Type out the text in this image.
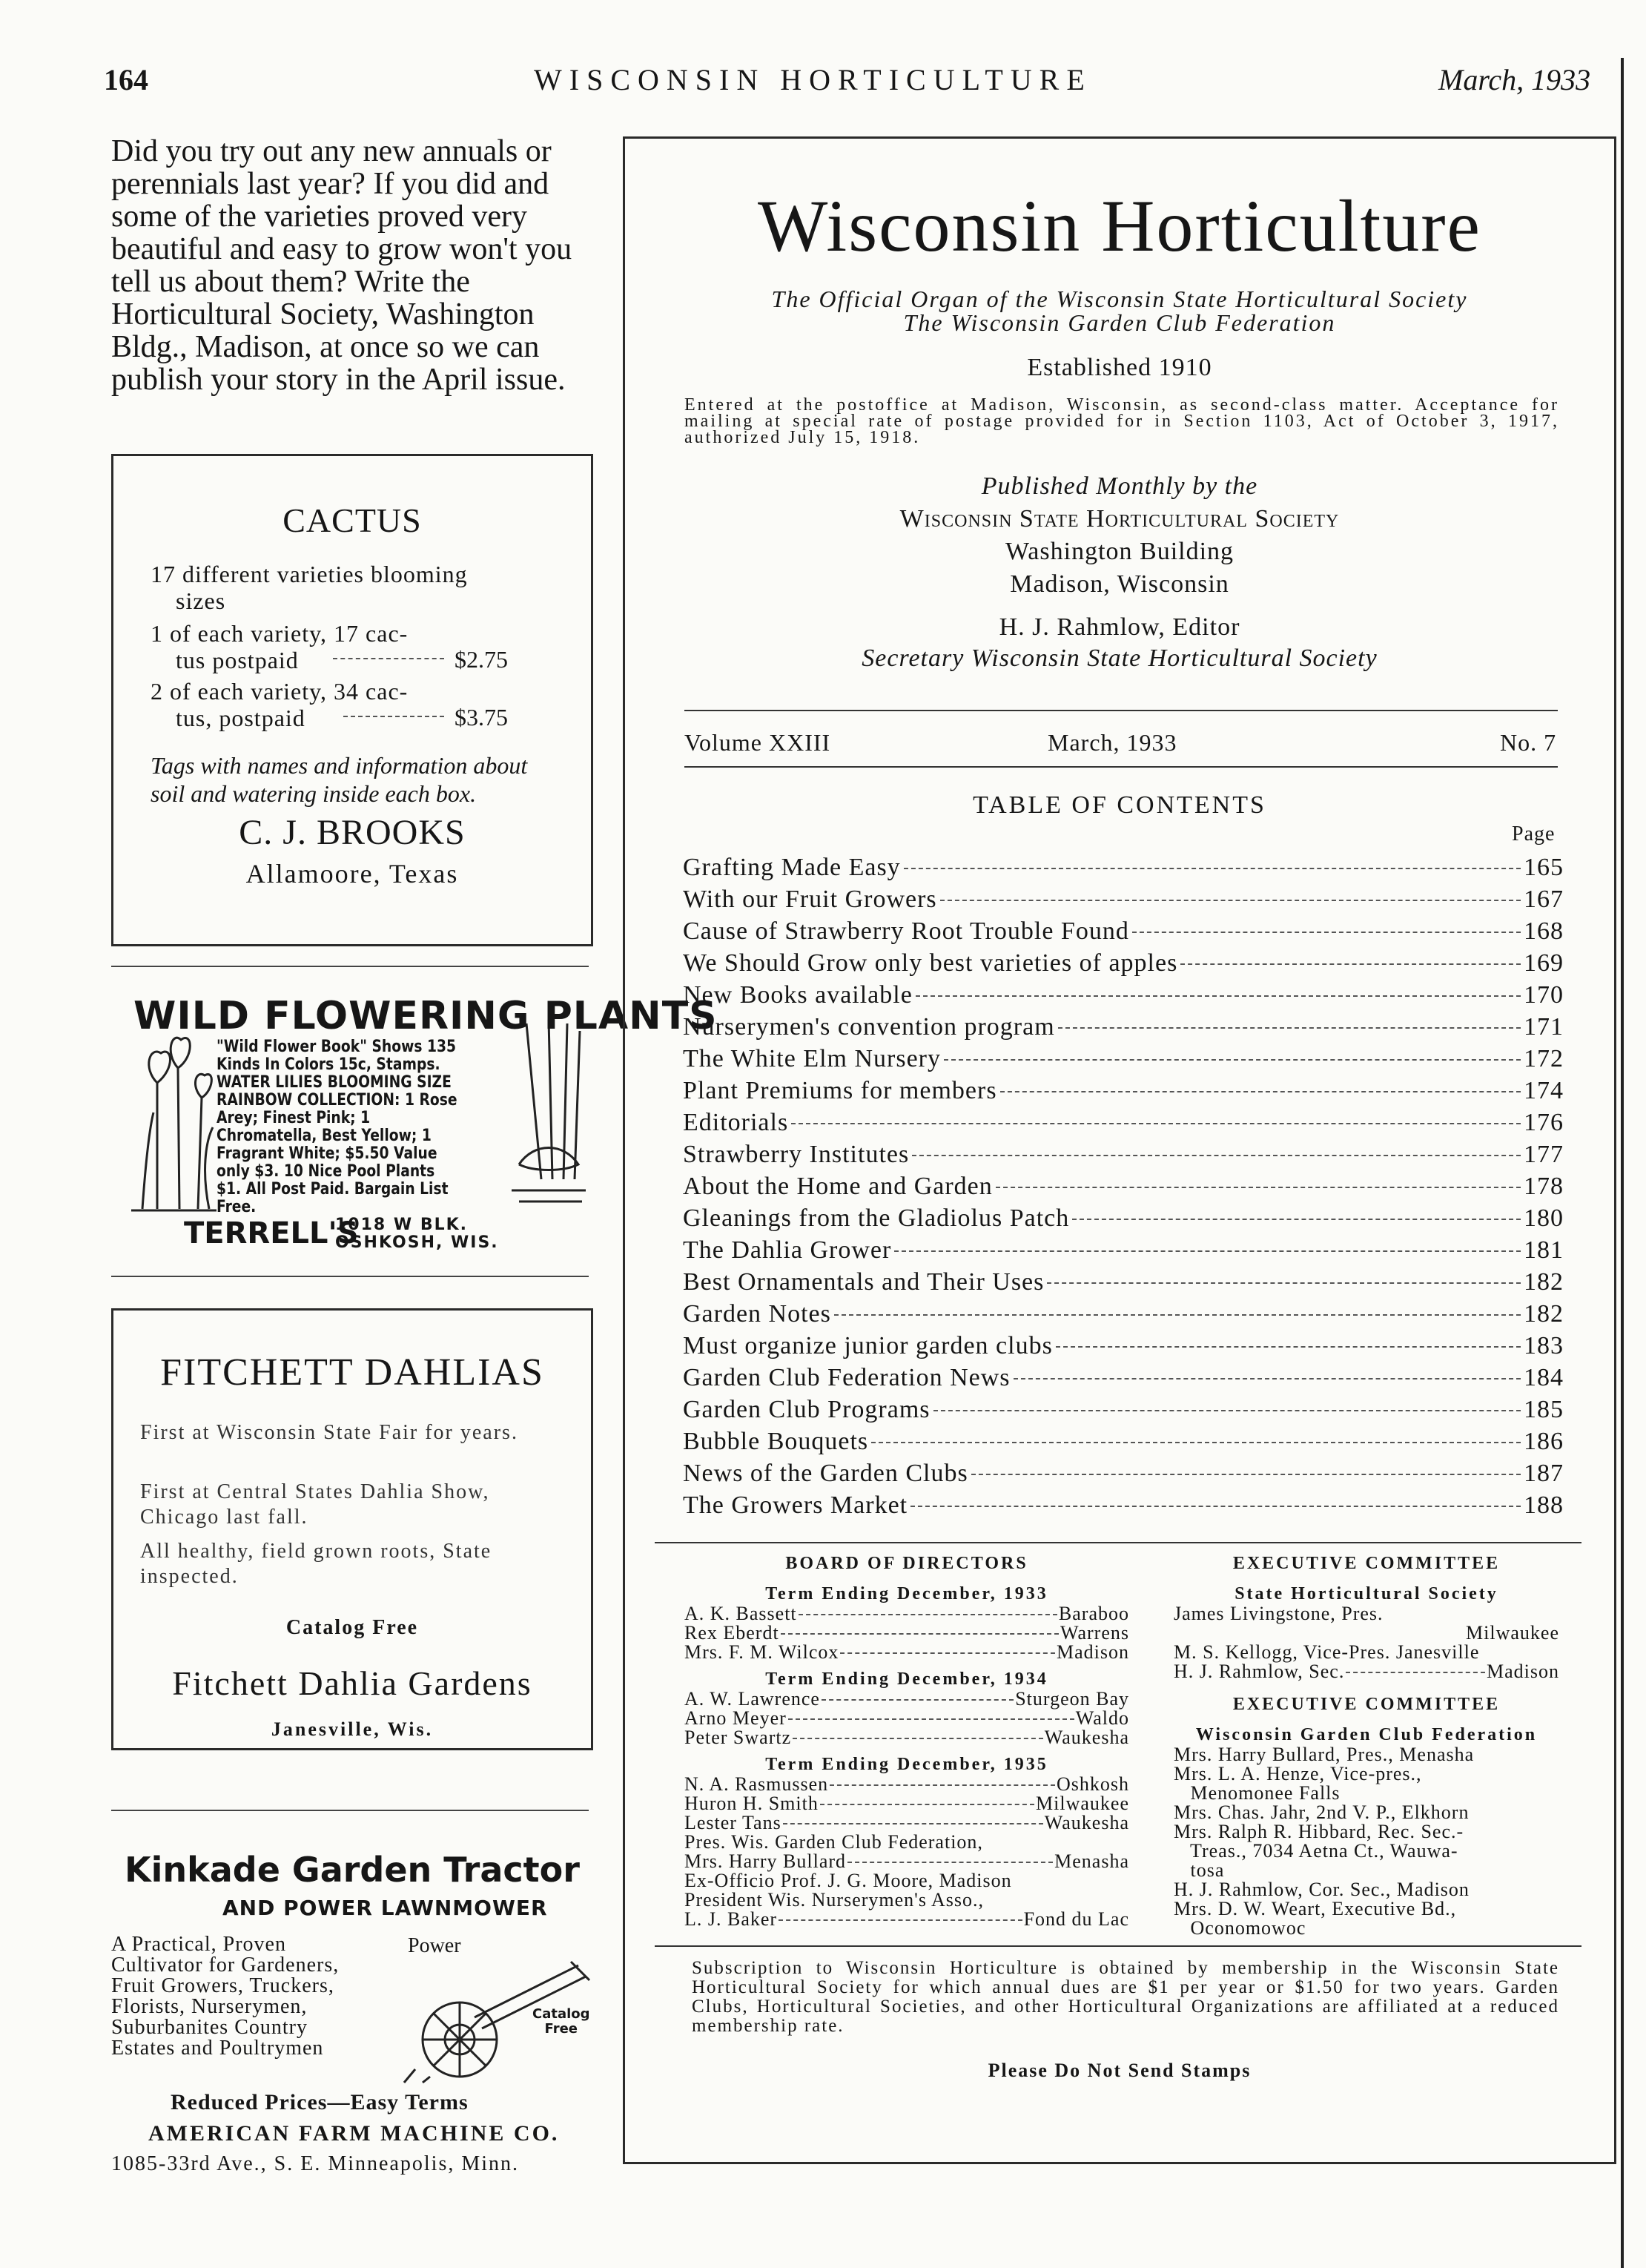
164	WISCONSIN HORTICULTURE	March, 1933
Did you try out any new annuals or perennials last year? If you did and some of the varieties proved very beautiful and easy to grow won't you tell us about them? Write the Horticultural Society, Washington Bldg., Madison, at once so we can publish your story in the April issue.
CACTUS
17 different varieties blooming
sizes
1 of each variety, 17 cac-
tus postpaid	$2.75
2 of each variety, 34 cac-
tus, postpaid	$3.75
Tags with names and information about soil and watering inside each box.
C. J. BROOKS
Allamoore, Texas
WILD FLOWERING PLANTS
"Wild Flower Book" Shows 135 Kinds In Colors 15c, Stamps. WATER LILIES BLOOMING SIZE RAINBOW COLLECTION: 1 Rose Arey; Finest Pink; 1 Chromatella, Best Yellow; 1 Fragrant White; $5.50 Value only $3. 10 Nice Pool Plants $1. All Post Paid. Bargain List Free.
TERRELL'S
1018 W BLK.
OSHKOSH, WIS.
FITCHETT DAHLIAS
First at Wisconsin State Fair for years.
First at Central States Dahlia Show, Chicago last fall.
All healthy, field grown roots, State inspected.
Catalog Free
Fitchett Dahlia Gardens
Janesville, Wis.
Kinkade Garden Tractor
AND POWER LAWNMOWER
A Practical, Proven Cultivator for Gardeners, Fruit Growers, Truckers, Florists, Nurserymen, Suburbanites Country Estates and Poultrymen
Power
Catalog
Free
Reduced Prices—Easy Terms
AMERICAN FARM MACHINE CO.
1085-33rd Ave., S. E. Minneapolis, Minn.
Wisconsin Horticulture
The Official Organ of the Wisconsin State Horticultural Society
The Wisconsin Garden Club Federation
Established 1910
Entered at the postoffice at Madison, Wisconsin, as second-class matter. Acceptance for mailing at special rate of postage provided for in Section 1103, Act of October 3, 1917, authorized July 15, 1918.
Published Monthly by the
Wisconsin State Horticultural Society
Washington Building
Madison, Wisconsin
H. J. Rahmlow, Editor
Secretary Wisconsin State Horticultural Society
Volume XXIII	March, 1933	No. 7
TABLE OF CONTENTS
Page
Grafting Made Easy	165
With our Fruit Growers	167
Cause of Strawberry Root Trouble Found	168
We Should Grow only best varieties of apples	169
New Books available	170
Nurserymen's convention program	171
The White Elm Nursery	172
Plant Premiums for members	174
Editorials	176
Strawberry Institutes	177
About the Home and Garden	178
Gleanings from the Gladiolus Patch	180
The Dahlia Grower	181
Best Ornamentals and Their Uses	182
Garden Notes	182
Must organize junior garden clubs	183
Garden Club Federation News	184
Garden Club Programs	185
Bubble Bouquets	186
News of the Garden Clubs	187
The Growers Market	188
BOARD OF DIRECTORS
Term Ending December, 1933
A. K. Bassett	Baraboo
Rex Eberdt	Warrens
Mrs. F. M. Wilcox	Madison
Term Ending December, 1934
A. W. Lawrence	Sturgeon Bay
Arno Meyer	Waldo
Peter Swartz	Waukesha
Term Ending December, 1935
N. A. Rasmussen	Oshkosh
Huron H. Smith	Milwaukee
Lester Tans	Waukesha
Pres. Wis. Garden Club Federation,
Mrs. Harry Bullard	Menasha
Ex-Officio Prof. J. G. Moore, Madison
President Wis. Nurserymen's Asso.,
L. J. Baker	Fond du Lac
EXECUTIVE COMMITTEE
State Horticultural Society
James Livingstone, Pres.
Milwaukee
M. S. Kellogg, Vice-Pres. Janesville
H. J. Rahmlow, Sec.	Madison
EXECUTIVE COMMITTEE
Wisconsin Garden Club Federation
Mrs. Harry Bullard, Pres., Menasha
Mrs. L. A. Henze, Vice-pres.,
Menomonee Falls
Mrs. Chas. Jahr, 2nd V. P., Elkhorn
Mrs. Ralph R. Hibbard, Rec. Sec.-
Treas., 7034 Aetna Ct., Wauwa-
tosa
H. J. Rahmlow, Cor. Sec., Madison
Mrs. D. W. Weart, Executive Bd.,
Oconomowoc
Subscription to Wisconsin Horticulture is obtained by membership in the Wisconsin State Horticultural Society for which annual dues are $1 per year or $1.50 for two years. Garden Clubs, Horticultural Societies, and other Horticultural Organizations are affiliated at a reduced membership rate.
Please Do Not Send Stamps
